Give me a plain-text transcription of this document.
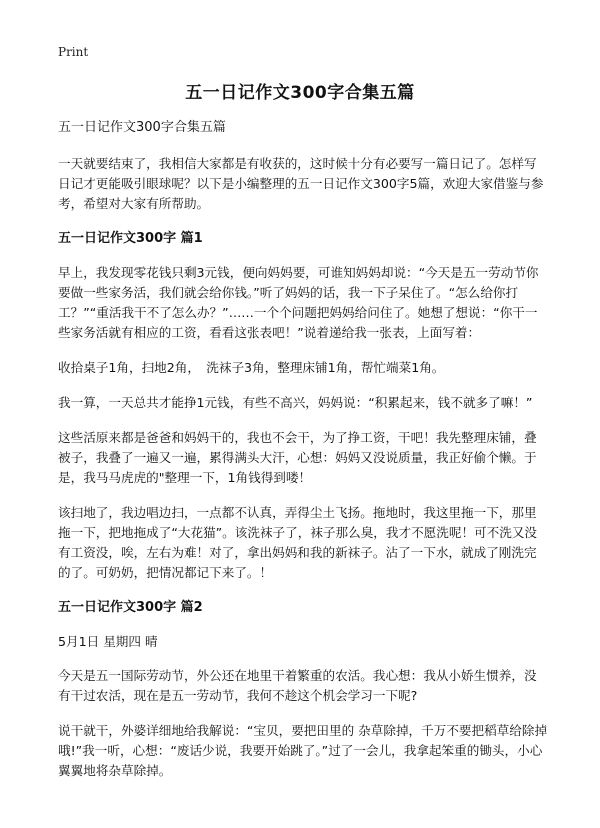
Print
五一日记作文300字合集五篇
五一日记作文300字合集五篇

一天就要结束了，我相信大家都是有收获的，这时候十分有必要写一篇日记了。怎样写日记才更能吸引眼球呢？以下是小编整理的五一日记作文300字5篇，欢迎大家借鉴与参考，希望对大家有所帮助。

五一日记作文300字 篇1

早上，我发现零花钱只剩3元钱，便向妈妈要，可谁知妈妈却说：“今天是五一劳动节你要做一些家务活，我们就会给你钱。”听了妈妈的话，我一下子呆住了。“怎么给你打工？”“重活我干不了怎么办？”……一个个问题把妈妈给问住了。她想了想说：“你干一些家务活就有相应的工资，看看这张表吧！”说着递给我一张表，上面写着：

收拾桌子1角，扫地2角，　洗袜子3角，整理床铺1角，帮忙端菜1角。

我一算，一天总共才能挣1元钱，有些不高兴，妈妈说：“积累起来，钱不就多了嘛！”

这些活原来都是爸爸和妈妈干的，我也不会干，为了挣工资，干吧！我先整理床铺，叠被子，我叠了一遍又一遍，累得满头大汗，心想：妈妈又没说质量，我正好偷个懒。于是，我马马虎虎的"整理一下，1角钱得到喽！

该扫地了，我边唱边扫，一点都不认真，弄得尘土飞扬。拖地时，我这里拖一下，那里拖一下，把地拖成了“大花猫”。该洗袜子了，袜子那么臭，我才不愿洗呢！可不洗又没有工资没，唉，左右为难！对了，拿出妈妈和我的新袜子。沾了一下水，就成了刚洗完的了。可奶奶，把情况都记下来了。！

五一日记作文300字 篇2

5月1日 星期四 晴

今天是五一国际劳动节，外公还在地里干着繁重的农活。我心想：我从小娇生惯养，没有干过农活，现在是五一劳动节，我何不趁这个机会学习一下呢?

说干就干，外婆详细地给我解说：“宝贝，要把田里的 杂草除掉，千万不要把稻草给除掉哦!”我一听，心想：“废话少说，我要开始跳了。”过了一会儿，我拿起笨重的锄头，小心翼翼地将杂草除掉。
